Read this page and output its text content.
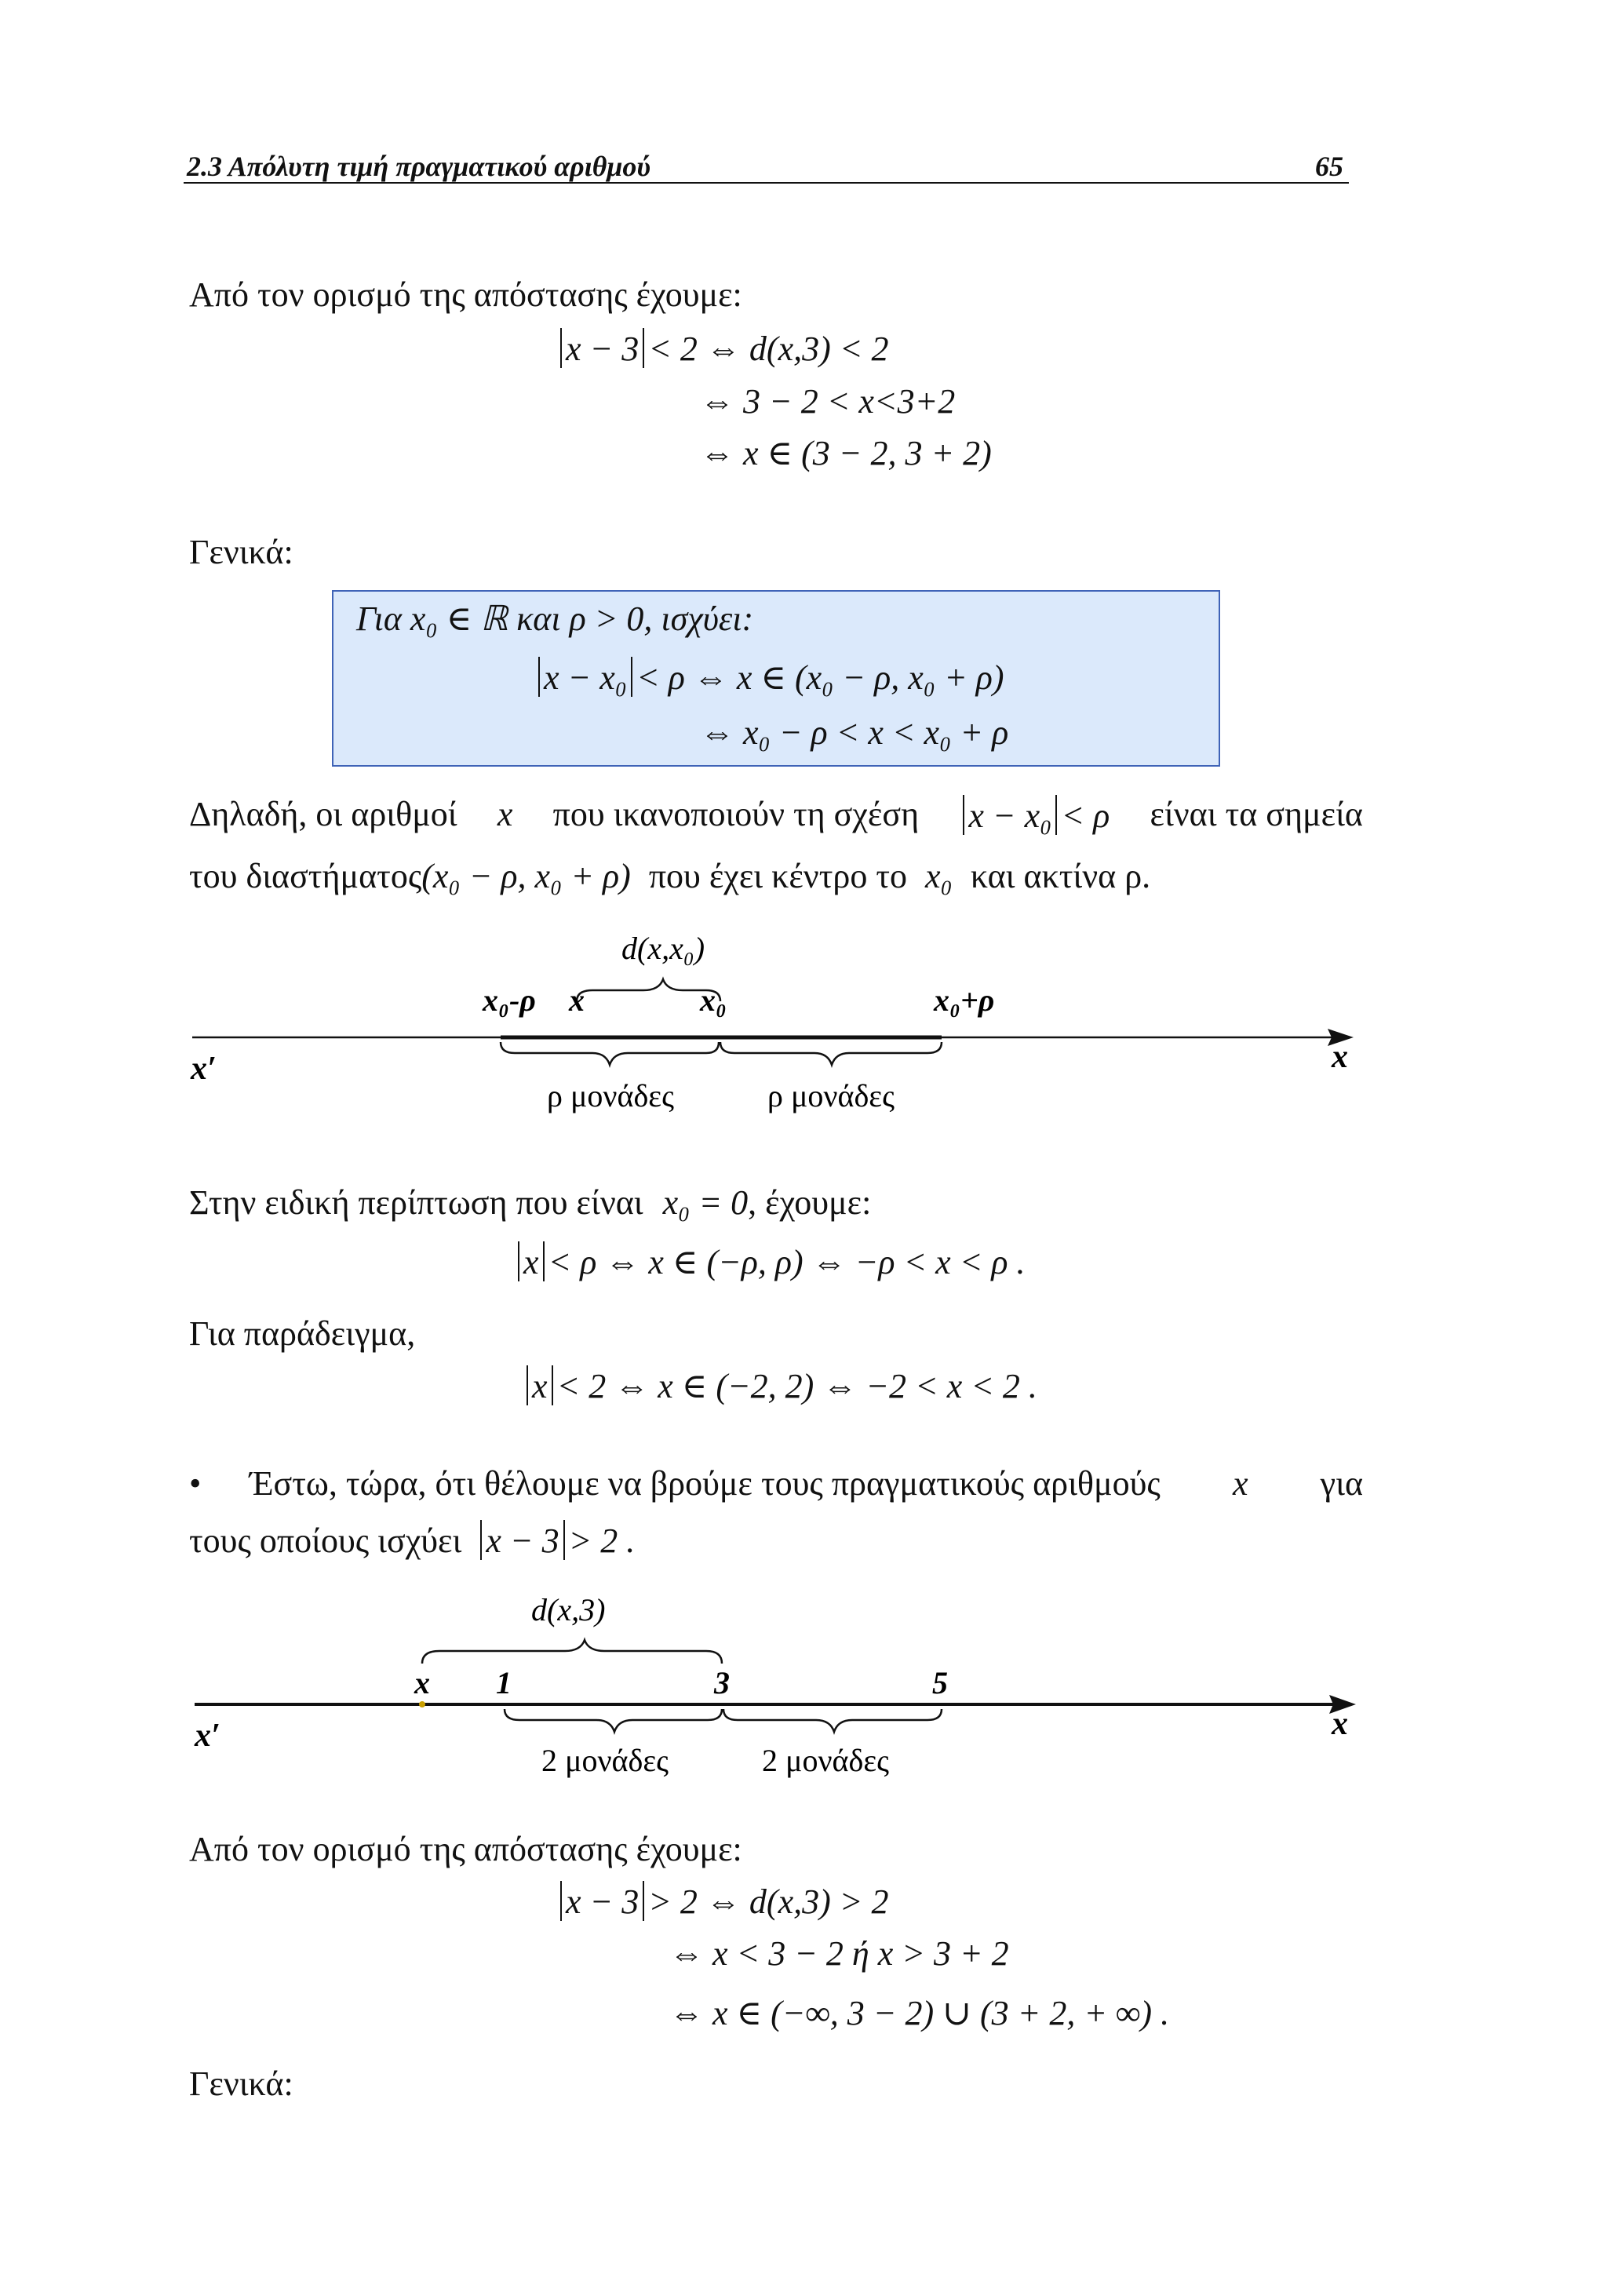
2.3 Απόλυτη τιμή πραγματικού αριθμού	65
Από τον ορισμό της απόστασης έχουμε:
x − 3 < 2 ⇔ d(x,3) < 2
⇔ 3 − 2 < x<3+2
⇔ x ∈ (3 − 2, 3 + 2)
Γενικά:
Για x₀ ∈ ℝ και ρ > 0, ισχύει:
x − x₀ < ρ ⇔ x ∈ (x₀ − ρ, x₀ + ρ)
⇔ x₀ − ρ < x < x₀ + ρ
Δηλαδή, οι αριθμοί x που ικανοποιούν τη σχέση x − x₀ < ρ είναι τα σημεία
του διαστήματος(x₀ − ρ, x₀ + ρ) που έχει κέντρο το x₀ και ακτίνα ρ.
d(x,x₀)
x₀-ρ x	x₀	x₀+ρ
x′	x
ρ μονάδες	ρ μονάδες
Στην ειδική περίπτωση που είναι x₀ = 0, έχουμε:
x < ρ ⇔ x ∈ (−ρ, ρ) ⇔ −ρ < x < ρ .
Για παράδειγμα,
x < 2 ⇔ x ∈ (−2, 2) ⇔ −2 < x < 2 .
• Έστω, τώρα, ότι θέλουμε να βρούμε τους πραγματικούς αριθμούς x για
τους οποίους ισχύει x − 3 > 2 .
d(x,3)
x 1	3	5
x′	x
2 μονάδες	2 μονάδες
Από τον ορισμό της απόστασης έχουμε:
x − 3 > 2 ⇔ d(x,3) > 2
⇔ x < 3 − 2 ή x > 3 + 2
⇔ x ∈ (−∞, 3 − 2) ∪ (3 + 2, + ∞) .
Γενικά:
